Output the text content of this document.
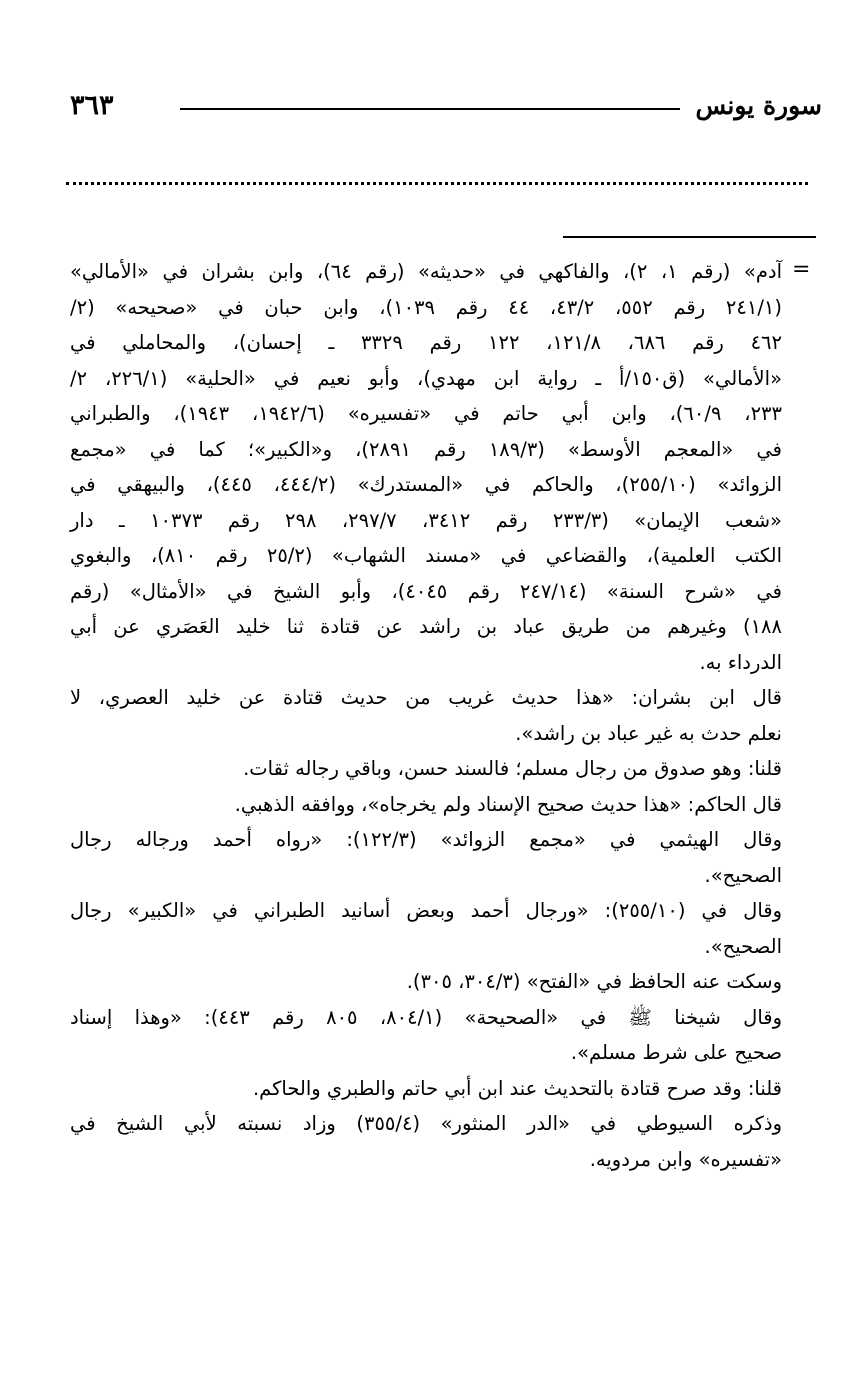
٣٦٣	سورة يونس
=
آدم» (رقم ١، ٢)، والفاكهي في «حديثه» (رقم ٦٤)، وابن بشران في «الأمالي»
(٢٤١/١ رقم ٥٥٢، ٤٣/٢، ٤٤ رقم ١٠٣٩)، وابن حبان في «صحيحه» (٢/
٤٦٢ رقم ٦٨٦، ١٢١/٨، ١٢٢ رقم ٣٣٢٩ ـ إحسان)، والمحاملي في
«الأمالي» (ق١٥٠/أ ـ رواية ابن مهدي)، وأبو نعيم في «الحلية» (٢٢٦/١، ٢/
٢٣٣، ٦٠/٩)، وابن أبي حاتم في «تفسيره» (١٩٤٢/٦، ١٩٤٣)، والطبراني
في «المعجم الأوسط» (١٨٩/٣ رقم ٢٨٩١)، و«الكبير»؛ كما في «مجمع
الزوائد» (٢٥٥/١٠)، والحاكم في «المستدرك» (٤٤٤/٢، ٤٤٥)، والبيهقي في
«شعب الإيمان» (٢٣٣/٣ رقم ٣٤١٢، ٢٩٧/٧، ٢٩٨ رقم ١٠٣٧٣ ـ دار
الكتب العلمية)، والقضاعي في «مسند الشهاب» (٢٥/٢ رقم ٨١٠)، والبغوي
في «شرح السنة» (٢٤٧/١٤ رقم ٤٠٤٥)، وأبو الشيخ في «الأمثال» (رقم
١٨٨) وغيرهم من طريق عباد بن راشد عن قتادة ثنا خليد العَصَري عن أبي
الدرداء به.
قال ابن بشران: «هذا حديث غريب من حديث قتادة عن خليد العصري، لا
نعلم حدث به غير عباد بن راشد».
قلنا: وهو صدوق من رجال مسلم؛ فالسند حسن، وباقي رجاله ثقات.
قال الحاكم: «هذا حديث صحيح الإسناد ولم يخرجاه»، ووافقه الذهبي.
وقال الهيثمي في «مجمع الزوائد» (١٢٢/٣): «رواه أحمد ورجاله رجال
الصحيح».
وقال في (٢٥٥/١٠): «ورجال أحمد وبعض أسانيد الطبراني في «الكبير» رجال
الصحيح».
وسكت عنه الحافظ في «الفتح» (٣٠٤/٣، ٣٠٥).
وقال شيخنا ﷺ في «الصحيحة» (٨٠٤/١، ٨٠٥ رقم ٤٤٣): «وهذا إسناد
صحيح على شرط مسلم».
قلنا: وقد صرح قتادة بالتحديث عند ابن أبي حاتم والطبري والحاكم.
وذكره السيوطي في «الدر المنثور» (٣٥٥/٤) وزاد نسبته لأبي الشيخ في
«تفسيره» وابن مردويه.
